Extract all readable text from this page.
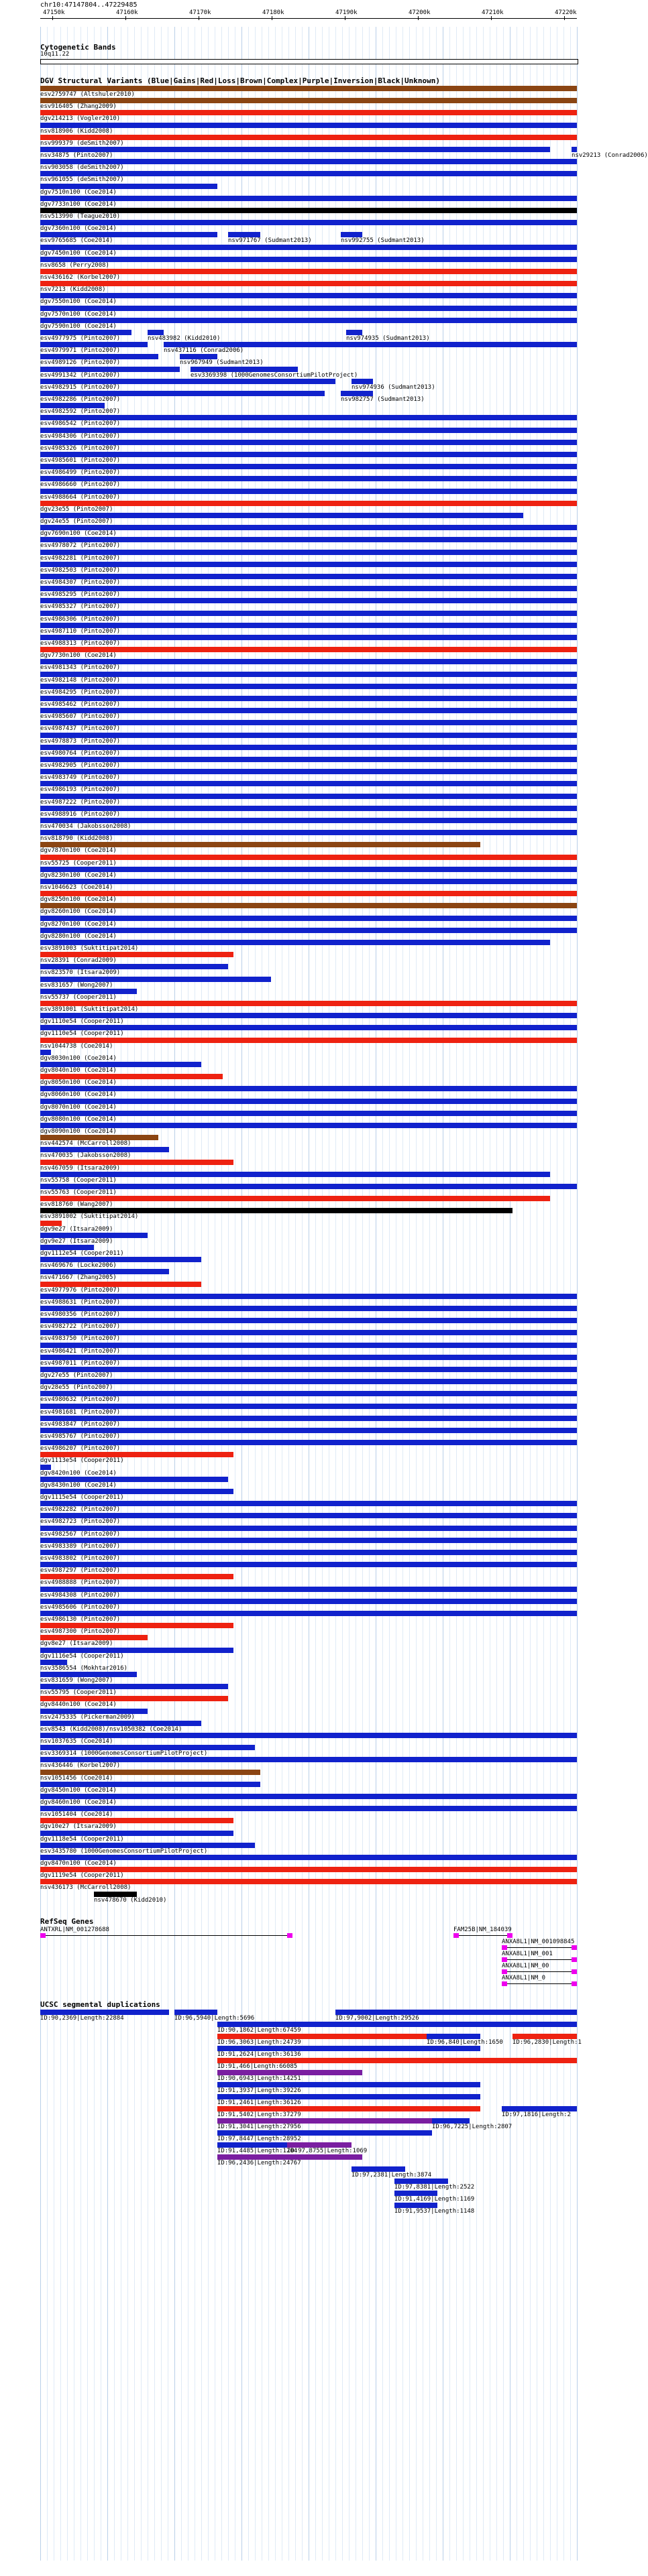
chr10:47147804..47229485
47150k	47160k	47170k	47180k	47190k	47200k	47210k	47220k
Cytogenetic Bands
10q11.22
DGV Structural Variants (Blue|Gains|Red|Loss|Brown|Complex|Purple|Inversion|Black|Unknown)
esv2759747 (Altshuler2010)
esv916405 (Zhang2009)
dgv214213 (Vogler2010)
nsv818906 (Kidd2008)
nsv999379 (deSmith2007)
nsv34875 (Pinto2007)	nsv29213 (Conrad2006)
nsv903058 (deSmith2007)
nsv961055 (deSmith2007)
dgv7510n100 (Coe2014)
dgv7733n100 (Coe2014)
nsv513990 (Teague2010)
dgv7360n100 (Coe2014)
esv9765685 (Coe2014)	nsv971767 (Sudmant2013)	nsv992755 (Sudmant2013)
dgv7450n100 (Coe2014)
nsv8658 (Perry2008)
nsv436162 (Korbel2007)
nsv7213 (Kidd2008)
dgv7550n100 (Coe2014)
dgv7570n100 (Coe2014)
dgv7590n100 (Coe2014)
esv4977975 (Pinto2007)	nsv483982 (Kidd2010)	nsv974935 (Sudmant2013)
esv4979971 (Pinto2007)	nsv437116 (Conrad2006)
esv4989126 (Pinto2007)	nsv967949 (Sudmant2013)
esv4991342 (Pinto2007)	esv3369398 (1000GenomesConsortiumPilotProject)
esv4982915 (Pinto2007)	nsv974936 (Sudmant2013)
esv4982286 (Pinto2007)	nsv982757 (Sudmant2013)
esv4982592 (Pinto2007)
esv4986542 (Pinto2007)
esv4984306 (Pinto2007)
esv4985326 (Pinto2007)
esv4985601 (Pinto2007)
esv4986499 (Pinto2007)
esv4986660 (Pinto2007)
esv4988664 (Pinto2007)
dgv23e55 (Pinto2007)
dgv24e55 (Pinto2007)
dgv7690n100 (Coe2014)
esv4978072 (Pinto2007)
esv4982281 (Pinto2007)
esv4982503 (Pinto2007)
esv4984307 (Pinto2007)
esv4985295 (Pinto2007)
esv4985327 (Pinto2007)
esv4986306 (Pinto2007)
esv4987110 (Pinto2007)
esv4988313 (Pinto2007)
dgv7730n100 (Coe2014)
esv4981343 (Pinto2007)
esv4982148 (Pinto2007)
esv4984295 (Pinto2007)
esv4985462 (Pinto2007)
esv4985607 (Pinto2007)
esv4987437 (Pinto2007)
esv4978873 (Pinto2007)
esv4980764 (Pinto2007)
esv4982905 (Pinto2007)
esv4983749 (Pinto2007)
esv4986193 (Pinto2007)
esv4987222 (Pinto2007)
esv4988916 (Pinto2007)
nsv470034 (Jakobsson2008)
nsv818790 (Kidd2008)
dgv7870n100 (Coe2014)
nsv55725 (Cooper2011)
dgv8230n100 (Coe2014)
nsv1046623 (Coe2014)
dgv8250n100 (Coe2014)
dgv8260n100 (Coe2014)
dgv8270n100 (Coe2014)
dgv8280n100 (Coe2014)
esv3891003 (Suktitipat2014)
nsv28391 (Conrad2009)
nsv823570 (Itsara2009)
esv831657 (Wong2007)
nsv55737 (Cooper2011)
esv3891001 (Suktitipat2014)
dgv1110e54 (Cooper2011)
dgv1110e54 (Cooper2011)
nsv1044738 (Coe2014)
dgv8030n100 (Coe2014)
dgv8040n100 (Coe2014)
dgv8050n100 (Coe2014)
dgv8060n100 (Coe2014)
dgv8070n100 (Coe2014)
dgv8080n100 (Coe2014)
dgv8090n100 (Coe2014)
nsv442574 (McCarroll2008)
nsv470035 (Jakobsson2008)
nsv467059 (Itsara2009)
nsv55758 (Cooper2011)
nsv55763 (Cooper2011)
esv818760 (Wang2007)
esv3891002 (Suktitipat2014)
dgv9e27 (Itsara2009)
dgv9e27 (Itsara2009)
dgv1112e54 (Cooper2011)
nsv469676 (Locke2006)
nsv471667 (Zhang2005)
esv4977976 (Pinto2007)
esv4988631 (Pinto2007)
esv4980356 (Pinto2007)
esv4982722 (Pinto2007)
esv4983750 (Pinto2007)
esv4986421 (Pinto2007)
esv4987011 (Pinto2007)
dgv27e55 (Pinto2007)
dgv28e55 (Pinto2007)
esv4980632 (Pinto2007)
esv4981681 (Pinto2007)
esv4983847 (Pinto2007)
esv4985767 (Pinto2007)
esv4986207 (Pinto2007)
dgv1113e54 (Cooper2011)
dgv8420n100 (Coe2014)
dgv8430n100 (Coe2014)
dgv1115e54 (Cooper2011)
esv4982282 (Pinto2007)
esv4982723 (Pinto2007)
esv4982567 (Pinto2007)
esv4983389 (Pinto2007)
esv4983802 (Pinto2007)
esv4987297 (Pinto2007)
esv4988888 (Pinto2007)
esv4984308 (Pinto2007)
esv4985606 (Pinto2007)
esv4986130 (Pinto2007)
esv4987300 (Pinto2007)
dgv8e27 (Itsara2009)
dgv1116e54 (Cooper2011)
nsv3586554 (Mokhtar2016)
esv831659 (Wong2007)
nsv55795 (Cooper2011)
dgv8440n100 (Coe2014)
nsv2475335 (Pickerman2009)
esv8543 (Kidd2008)/nsv1050382 (Coe2014)
nsv1037635 (Coe2014)
esv3369314 (1000GenomesConsortiumPilotProject)
nsv436446 (Korbel2007)
nsv1051456 (Coe2014)
dgv8450n100 (Coe2014)
dgv8460n100 (Coe2014)
nsv1051404 (Coe2014)
dgv10e27 (Itsara2009)
dgv1118e54 (Cooper2011)
esv3435780 (1000GenomesConsortiumPilotProject)
dgv8470n100 (Coe2014)
dgv1119e54 (Cooper2011)
nsv436173 (McCarroll2008)
nsv478670 (Kidd2010)
RefSeq Genes
ANTXRL|NM_001278688	FAM25B|NM_184039
ANXA8L1|NM_001098845
ANXA8L1|NM_001
ANXA8L1|NM_00
ANXA8L1|NM_0
UCSC segmental duplications
ID:90,2369|Length:22884	ID:96,5940|Length:5696	ID:97,9002|Length:29526
ID:90,1862|Length:67459
ID:96,3063|Length:24739	ID:96,840|Length:1650 ID:96,2830|Length:1
ID:91,2624|Length:36136
ID:91,466|Length:66085
ID:90,6943|Length:14251
ID:91,3937|Length:39226
ID:91,2461|Length:36126
ID:91,5402|Length:37279	ID:97,1816|Length:2
ID:91,3041|Length:27956	ID:96,7225|Length:2807
ID:97,8447|Length:28952
ID:91,4485|Length:1204
ID:97,8755|Length:1069
ID:96,2436|Length:24767
ID:97,2381|Length:3874
ID:97,8381|Length:2522
ID:91,4169|Length:1169
ID:91,9537|Length:1148
